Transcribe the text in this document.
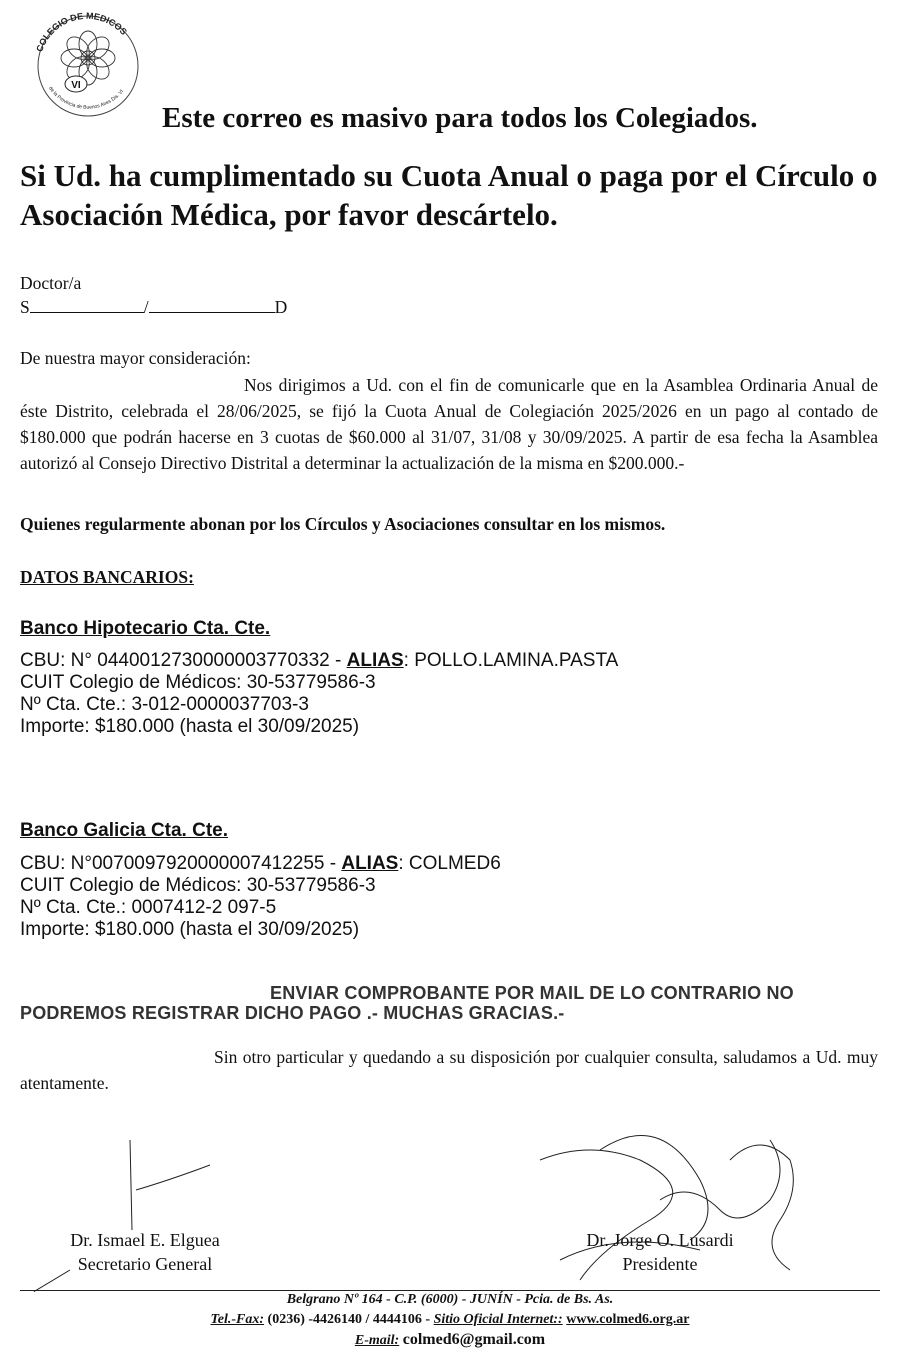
COLEGIO DE MEDICOS
de la Provincia de Buenos Aires Dis. VI
VI
Este correo es masivo para todos los Colegiados.
Si Ud. ha cumplimentado su Cuota Anual o paga por el Círculo o Asociación Médica, por favor descártelo.
Doctor/a
S	/	D
De nuestra mayor consideración:
Nos dirigimos a Ud. con el fin de comunicarle que en la Asamblea Ordinaria Anual de éste Distrito, celebrada el 28/06/2025, se fijó la Cuota Anual de Colegiación 2025/2026 en un pago al contado de $180.000 que podrán hacerse en 3 cuotas de $60.000 al 31/07, 31/08 y 30/09/2025. A partir de esa fecha la Asamblea autorizó al Consejo Directivo Distrital a determinar la actualización de la misma en $200.000.-
Quienes regularmente abonan por los Círculos y Asociaciones consultar en los mismos.
DATOS BANCARIOS:
Banco Hipotecario Cta. Cte.
CBU: N° 0440012730000003770332 - ALIAS: POLLO.LAMINA.PASTA
CUIT Colegio de Médicos: 30-53779586-3
Nº Cta. Cte.: 3-012-0000037703-3
Importe: $180.000 (hasta el 30/09/2025)
Banco Galicia Cta. Cte.
CBU: N°0070097920000007412255 - ALIAS: COLMED6
CUIT Colegio de Médicos: 30-53779586-3
Nº Cta. Cte.: 0007412-2 097-5
Importe: $180.000 (hasta el 30/09/2025)
ENVIAR COMPROBANTE POR MAIL DE LO CONTRARIO NO
PODREMOS REGISTRAR DICHO PAGO .- MUCHAS GRACIAS.-
Sin otro particular y quedando a su disposición por cualquier consulta, saludamos a Ud. muy atentamente.
Dr. Ismael E. Elguea
Secretario General
Dr. Jorge O. Lusardi
Presidente
Belgrano Nº 164 - C.P. (6000) - JUNÍN - Pcia. de Bs. As.
Tel.-Fax: (0236) -4426140 / 4444106 - Sitio Oficial Internet:: www.colmed6.org.ar
E-mail: colmed6@gmail.com
